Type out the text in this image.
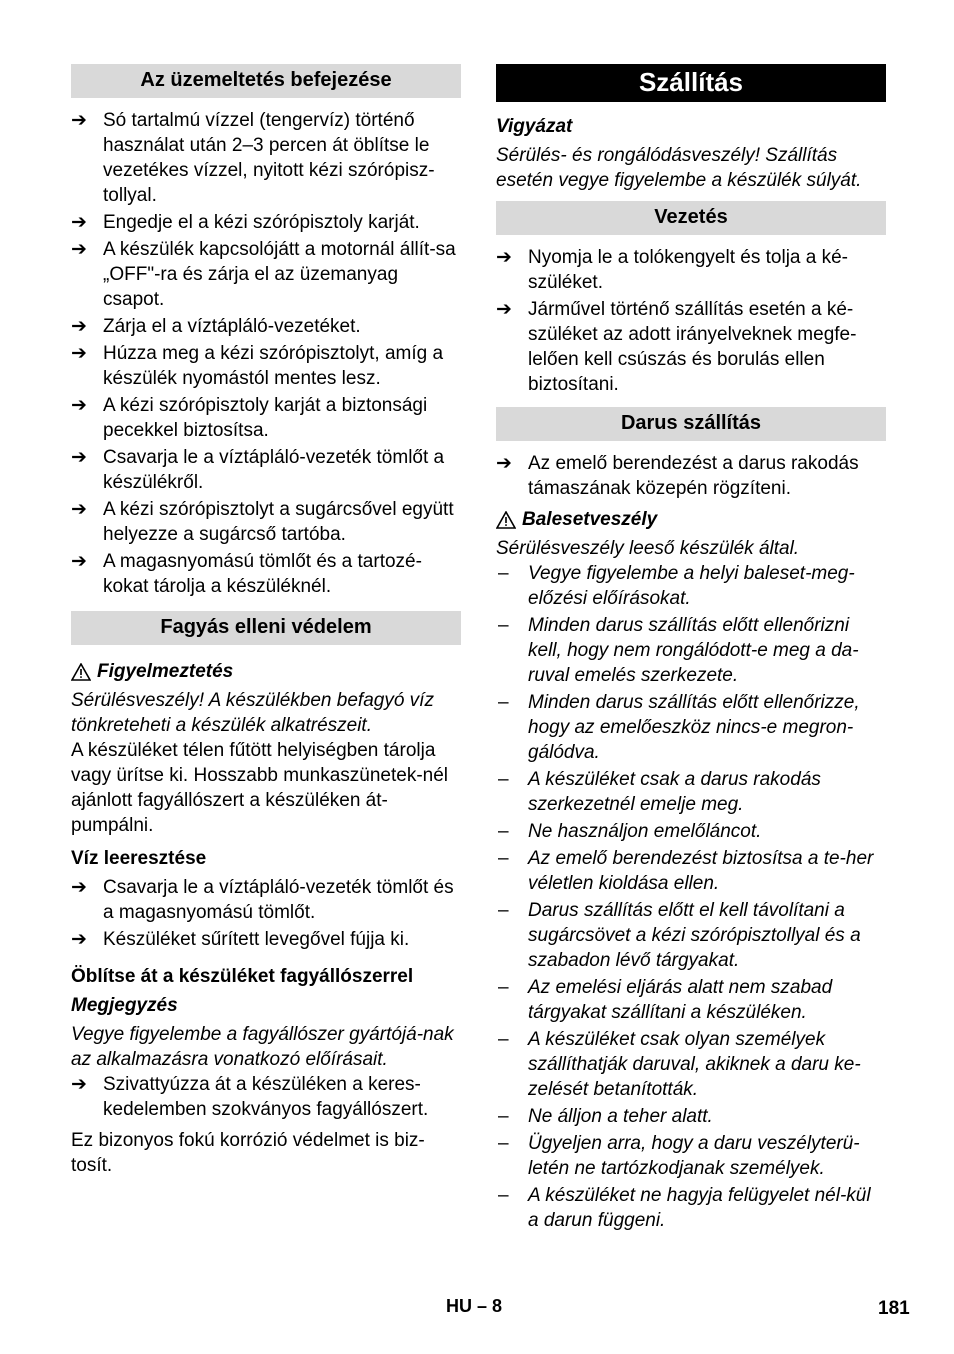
Az üzemeltetés befejezése
➔ Só tartalmú vízzel (tengervíz) történő használat után 2–3 percen át öblítse le vezetékes vízzel, nyitott kézi szórópisz-tollyal.
➔ Engedje el a kézi szórópisztoly karját.
➔ A készülék kapcsolójátt a motornál állít-sa „OFF"-ra és zárja el az üzemanyag csapot.
➔ Zárja el a víztápláló-vezetéket.
➔ Húzza meg a kézi szórópisztolyt, amíg a készülék nyomástól mentes lesz.
➔ A kézi szórópisztoly karját a biztonsági pecekkel biztosítsa.
➔ Csavarja le a víztápláló-vezeték tömlőt a készülékről.
➔ A kézi szórópisztolyt a sugárcsővel együtt helyezze a sugárcső tartóba.
➔ A magasnyomású tömlőt és a tartozé-kokat tárolja a készüléknél.
Fagyás elleni védelem
Figyelmeztetés

Sérülésveszély! A készülékben befagyó víz tönkreteheti a készülék alkatrészeit.

A készüléket télen fűtött helyiségben tárolja vagy ürítse ki. Hosszabb munkaszünetek-nél ajánlott fagyállószert a készüléken át-pumpálni.

Víz leeresztése

➔ Csavarja le a víztápláló-vezeték tömlőt és a magasnyomású tömlőt.
➔ Készüléket sűrített levegővel fújja ki.

Öblítse át a készüléket fagyállószerrel

Megjegyzés

Vegye figyelembe a fagyállószer gyártójá-nak az alkalmazásra vonatkozó előírásait.

➔ Szivattyúzza át a készüléken a keres-kedelemben szokványos fagyállószert.

Ez bizonyos fokú korrózió védelmet is biz-tosít.

Szállítás

Vigyázat

Sérülés- és rongálódásveszély! Szállítás esetén vegye figyelembe a készülék súlyát.

Vezetés
➔ Nyomja le a tolókengyelt és tolja a ké-szüléket.
➔ Járművel történő szállítás esetén a ké-szüléket az adott irányelveknek megfe-lelően kell csúszás és borulás ellen biztosítani.
Darus szállítás
➔ Az emelő berendezést a darus rakodás támaszának közepén rögzíteni.
Balesetveszély

Sérülésveszély leeső készülék által.

– Vegye figyelembe a helyi baleset-meg-előzési előírásokat.
– Minden darus szállítás előtt ellenőrizni kell, hogy nem rongálódott-e meg a da-ruval emelés szerkezete.
– Minden darus szállítás előtt ellenőrizze, hogy az emelőeszköz nincs-e megron-gálódva.
– A készüléket csak a darus rakodás szerkezetnél emelje meg.
– Ne használjon emelőláncot.
– Az emelő berendezést biztosítsa a te-her véletlen kioldása ellen.
– Darus szállítás előtt el kell távolítani a sugárcsövet a kézi szórópisztollyal és a szabadon lévő tárgyakat.
– Az emelési eljárás alatt nem szabad tárgyakat szállítani a készüléken.
– A készüléket csak olyan személyek szállíthatják daruval, akiknek a daru ke-zelését betanították.
– Ne álljon a teher alatt.
– Ügyeljen arra, hogy a daru veszélyterü-letén ne tartózkodjanak személyek.
– A készüléket ne hagyja felügyelet nél-kül a darun függeni.
HU – 8	181
